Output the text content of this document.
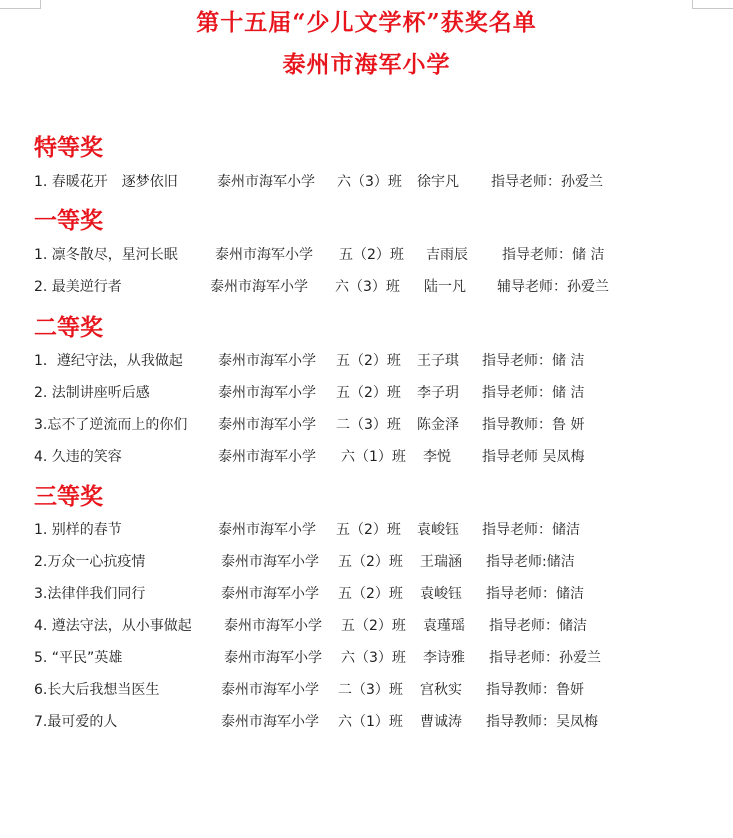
第十五届“少儿文学杯”获奖名单
泰州市海军小学
特等奖
1. 春暖花开　逐梦依旧	泰州市海军小学 六（3）班 徐宇凡 指导老师：孙爱兰
一等奖
1. 凛冬散尽，星河长眠	泰州市海军小学 五（2）班 吉雨辰 指导老师：储 洁
2. 最美逆行者	泰州市海军小学 六（3）班 陆一凡 辅导老师：孙爱兰
二等奖
1．遵纪守法，从我做起	泰州市海军小学 五（2）班 王子琪 指导老师：储 洁
2. 法制讲座听后感	泰州市海军小学 五（2）班 李子玥 指导老师：储 洁
3.忘不了逆流而上的你们 泰州市海军小学 二（3）班 陈金泽 指导教师：鲁 妍
4. 久违的笑容	泰州市海军小学 六（1）班 李悦 指导老师 吴凤梅
三等奖
1. 别样的春节	泰州市海军小学 五（2）班 袁峻钰 指导老师：储洁
2.万众一心抗疫情	泰州市海军小学 五（2）班 王瑞涵 指导老师:储洁
3.法律伴我们同行	泰州市海军小学 五（2）班 袁峻钰 指导老师：储洁
4. 遵法守法，从小事做起 泰州市海军小学 五（2）班 袁瑾瑶 指导老师：储洁
5. “平民”英雄	泰州市海军小学 六（3）班 李诗雅 指导老师：孙爱兰
6.长大后我想当医生	泰州市海军小学 二（3）班 宫秋实 指导教师：鲁妍
7.最可爱的人	泰州市海军小学 六（1）班 曹诚涛 指导教师：吴凤梅
